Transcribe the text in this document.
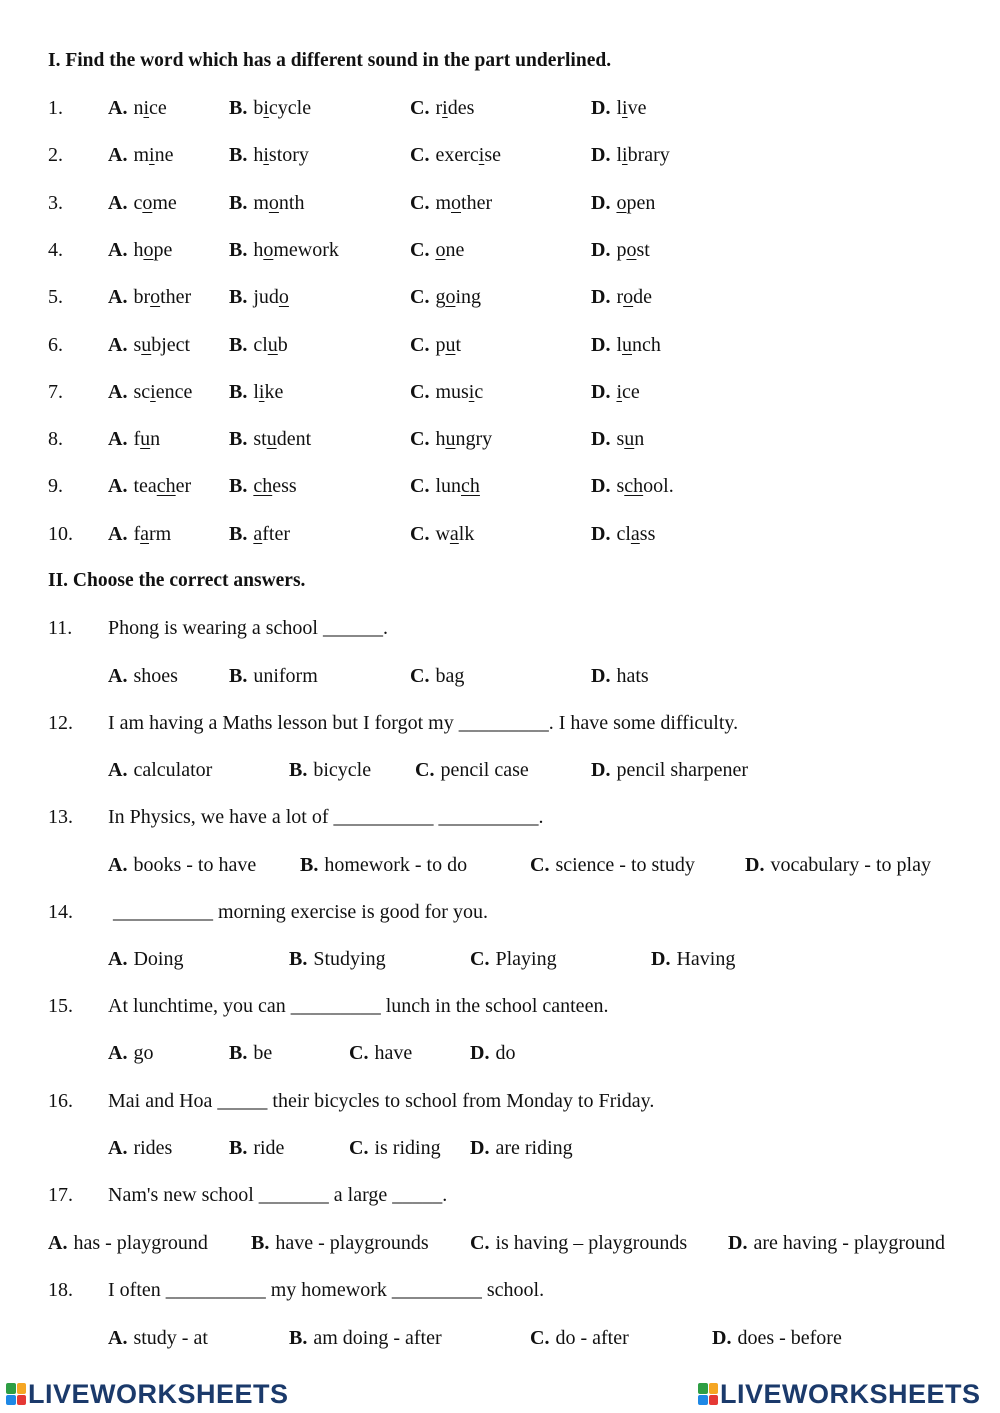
I. Find the word which has a different sound in the part underlined.
1. A. nice	B. bicycle	C. rides	D. live
2. A. mine	B. history	C. exercise	D. library
3. A. come	B. month	C. mother	D. open
4. A. hope	B. homework	C. one	D. post
5. A. brother B. judo	C. going	D. rode
6. A. subject B. club	C. put	D. lunch
7. A. science B. like	C. music	D. ice
8. A. fun	B. student	C. hungry	D. sun
9. A. teacher B. chess	C. lunch	D. school.
10. A. farm	B. after	C. walk	D. class
II. Choose the correct answers.
11. Phong is wearing a school ______.
A. shoes	B. uniform	C. bag	D. hats
12. I am having a Maths lesson but I forgot my _________. I have some difficulty.
A. calculator	B. bicycle C. pencil case	D. pencil sharpener
13. In Physics, we have a lot of __________ __________.
A. books - to have B. homework - to do	C. science - to study	D. vocabulary - to play
14. __________ morning exercise is good for you.
A. Doing	B. Studying	C. Playing	D. Having
15. At lunchtime, you can _________ lunch in the school canteen.
A. go	B. be	C. have	D. do
16. Mai and Hoa _____ their bicycles to school from Monday to Friday.
A. rides	B. ride	C. is riding D. are riding
17. Nam's new school _______ a large _____.
A. has - playground B. have - playgrounds C. is having – playgrounds D. are having - playground
18. I often __________ my homework _________ school.
A. study - at	B. am doing - after	C. do - after	D. does - before
LIVEWORKSHEETS	LIVEWORKSHEETS
